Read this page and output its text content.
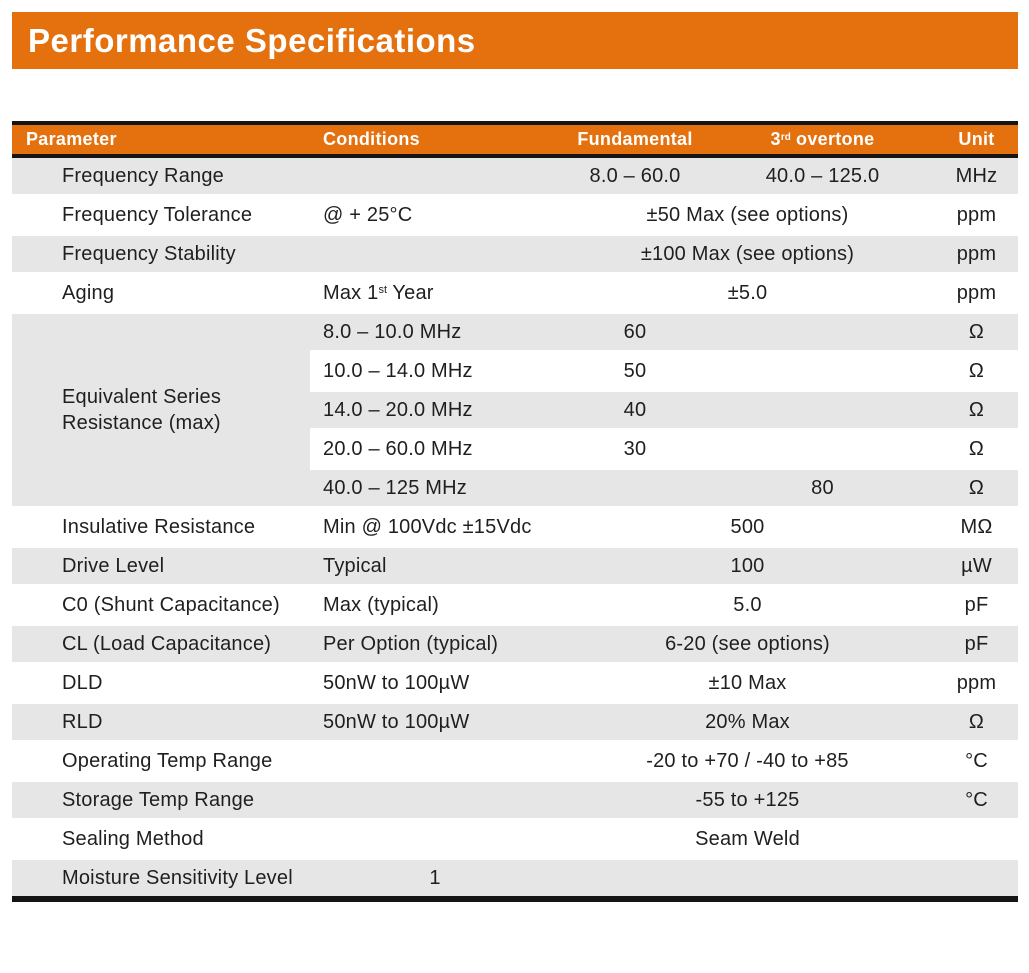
Performance Specifications
Parameter	Conditions	Fundamental	3rd overtone	Unit
Frequency Range		8.0 – 60.0	40.0 – 125.0	MHz
Frequency Tolerance	@ + 25°C	±50 Max (see options)		ppm
Frequency Stability		±100 Max (see options)		ppm
Aging	Max 1st Year	±5.0		ppm
Equivalent Series Resistance (max)	8.0 – 10.0 MHz	60		Ω
	10.0 – 14.0 MHz	50		Ω
	14.0 – 20.0 MHz	40		Ω
	20.0 – 60.0 MHz	30		Ω
	40.0 – 125 MHz		80	Ω
Insulative Resistance	Min @ 100Vdc ±15Vdc	500		MΩ
Drive Level	Typical	100		µW
C0 (Shunt Capacitance)	Max (typical)	5.0		pF
CL (Load Capacitance)	Per Option (typical)	6-20 (see options)		pF
DLD	50nW to 100µW	±10 Max		ppm
RLD	50nW to 100µW	20% Max		Ω
Operating Temp Range		-20 to +70 / -40 to +85		°C
Storage Temp Range		-55 to +125		°C
Sealing Method		Seam Weld		
Moisture Sensitivity Level	1			
